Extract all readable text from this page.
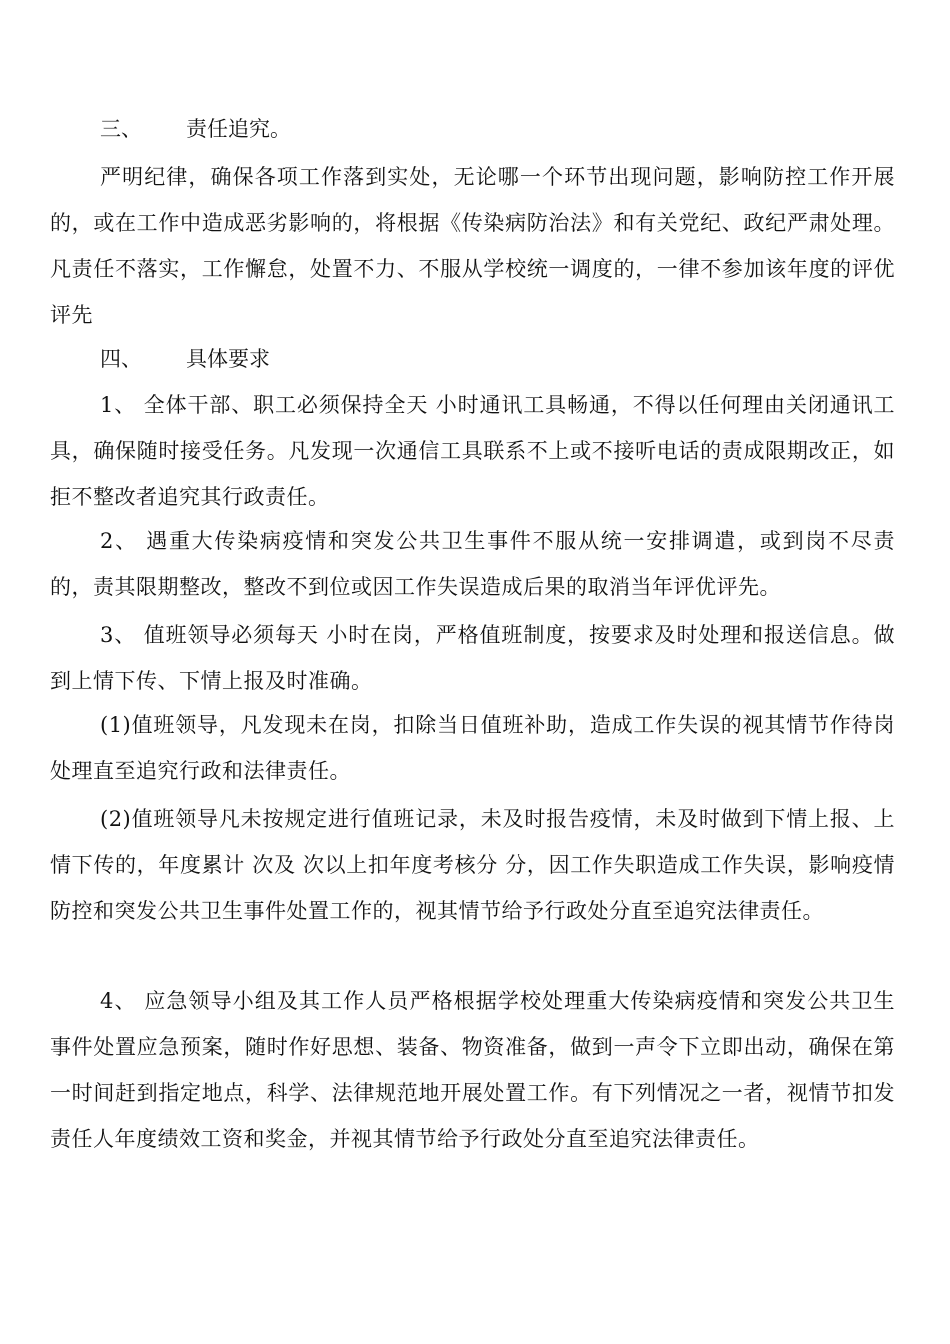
三、 责任追究。

严明纪律，确保各项工作落到实处，无论哪一个环节出现问题，影响防控工作开展的，或在工作中造成恶劣影响的，将根据《传染病防治法》和有关党纪、政纪严肃处理。凡责任不落实，工作懈怠，处置不力、不服从学校统一调度的，一律不参加该年度的评优评先

四、 具体要求

1、 全体干部、职工必须保持全天 小时通讯工具畅通，不得以任何理由关闭通讯工具，确保随时接受任务。凡发现一次通信工具联系不上或不接听电话的责成限期改正，如拒不整改者追究其行政责任。

2、 遇重大传染病疫情和突发公共卫生事件不服从统一安排调遣，或到岗不尽责的，责其限期整改，整改不到位或因工作失误造成后果的取消当年评优评先。

3、 值班领导必须每天 小时在岗，严格值班制度，按要求及时处理和报送信息。做到上情下传、下情上报及时准确。

(1)值班领导，凡发现未在岗，扣除当日值班补助，造成工作失误的视其情节作待岗处理直至追究行政和法律责任。

(2)值班领导凡未按规定进行值班记录，未及时报告疫情，未及时做到下情上报、上情下传的，年度累计 次及 次以上扣年度考核分 分，因工作失职造成工作失误，影响疫情防控和突发公共卫生事件处置工作的，视其情节给予行政处分直至追究法律责任。

4、 应急领导小组及其工作人员严格根据学校处理重大传染病疫情和突发公共卫生事件处置应急预案，随时作好思想、装备、物资准备，做到一声令下立即出动，确保在第一时间赶到指定地点，科学、法律规范地开展处置工作。有下列情况之一者，视情节扣发责任人年度绩效工资和奖金，并视其情节给予行政处分直至追究法律责任。
